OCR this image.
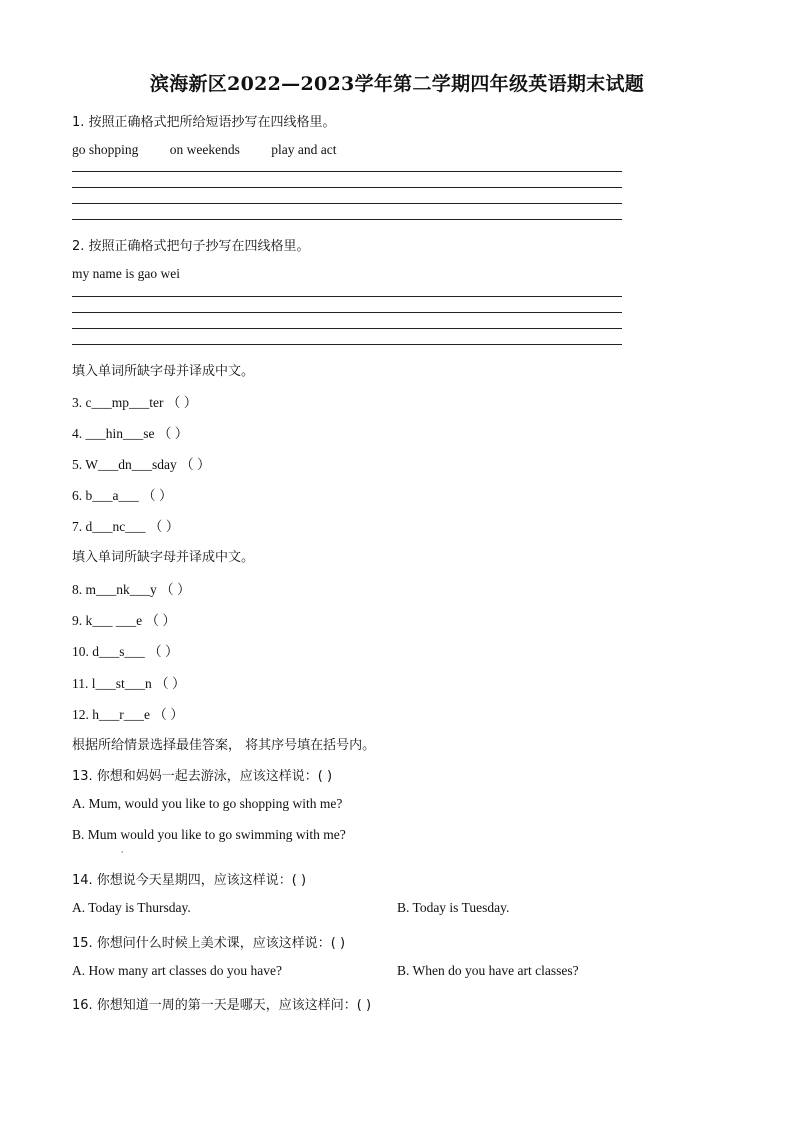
滨海新区2022—2023学年第二学期四年级英语期末试题
1. 按照正确格式把所给短语抄写在四线格里。
go shopping on weekends play and act
2. 按照正确格式把句子抄写在四线格里。
my name is gao wei
填入单词所缺字母并译成中文。
3. c___mp___ter （ ）
4. ___hin___se （ ）
5. W___dn___sday （ ）
6. b___a___ （ ）
7. d___nc___ （ ）
填入单词所缺字母并译成中文。
8. m___nk___y （ ）
9. k___ ___e （ ）
10. d___s___ （ ）
11. l___st___n （ ）
12. h___r___e （ ）
根据所给情景选择最佳答案， 将其序号填在括号内。
13. 你想和妈妈一起去游泳，应该这样说：( )
A. Mum, would you like to go shopping with me?
B. Mum would you like to go swimming with me?
,
14. 你想说今天星期四，应该这样说：( )
A. Today is Thursday.	B. Today is Tuesday.
15. 你想问什么时候上美术课，应该这样说：( )
A. How many art classes do you have?	B. When do you have art classes?
16. 你想知道一周的第一天是哪天，应该这样问：( )
